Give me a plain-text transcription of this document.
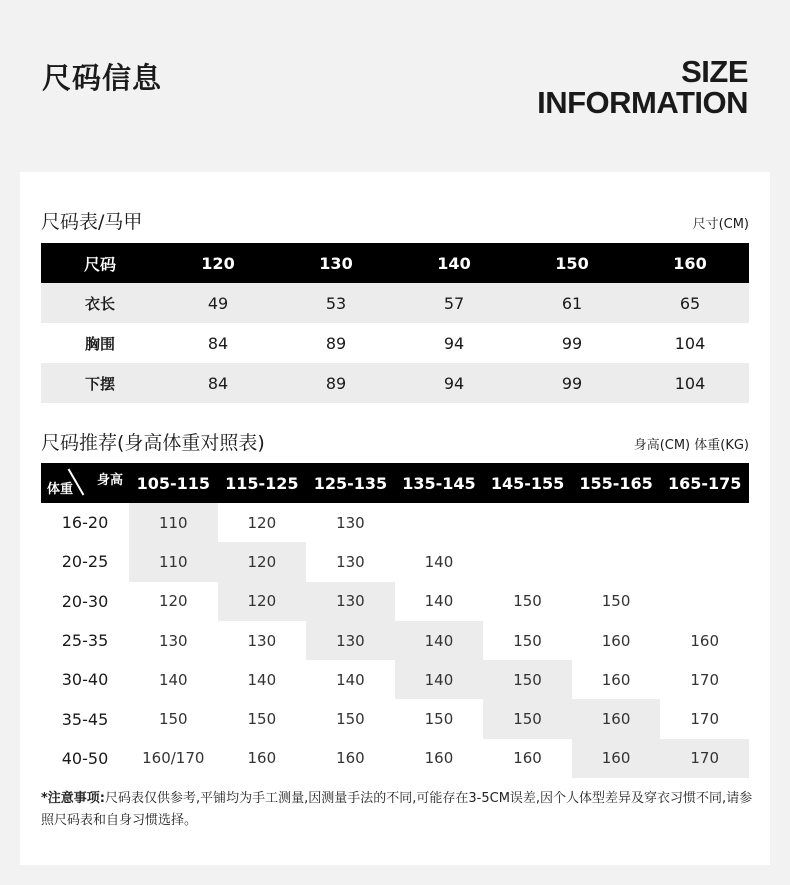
尺码信息	SIZE
INFORMATION
尺码表/马甲	尺寸(CM)
尺码	120	130	140	150	160
衣长	49	53	57	61	65
胸围	84	89	94	99	104
下摆	84	89	94	99	104
尺码推荐(身高体重对照表)	身高(CM) 体重(KG)
体重
身高	105-115	115-125	125-135	135-145	145-155	155-165	165-175
16-20	110	120	130				
20-25	110	120	130	140			
20-30	120	120	130	140	150	150	
25-35	130	130	130	140	150	160	160
30-40	140	140	140	140	150	160	170
35-45	150	150	150	150	150	160	170
40-50	160/170	160	160	160	160	160	170
*注意事项:尺码表仅供参考,平铺均为手工测量,因测量手法的不同,可能存在3-5CM误差,因个人体型差异及穿衣习惯不同,请参照尺码表和自身习惯选择。
